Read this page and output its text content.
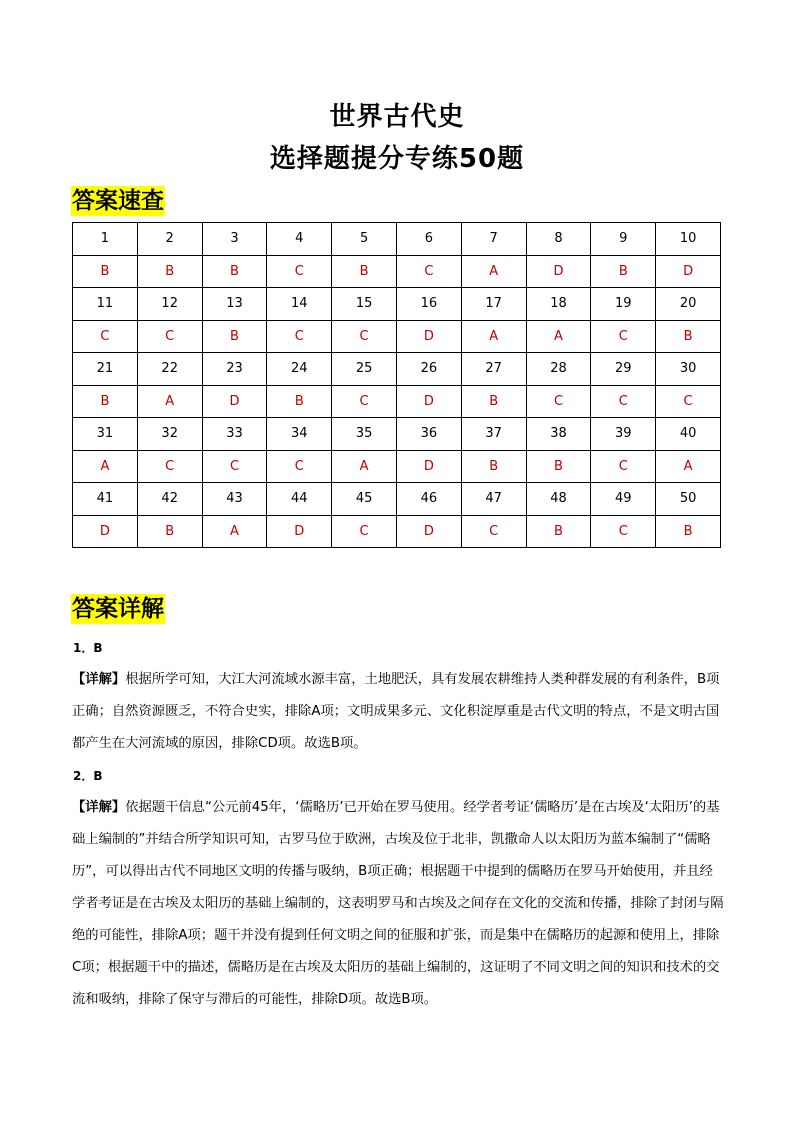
世界古代史
选择题提分专练50题
答案速查
1	2	3	4	5	6	7	8	9	10
B	B	B	C	B	C	A	D	B	D
11	12	13	14	15	16	17	18	19	20
C	C	B	C	C	D	A	A	C	B
21	22	23	24	25	26	27	28	29	30
B	A	D	B	C	D	B	C	C	C
31	32	33	34	35	36	37	38	39	40
A	C	C	C	A	D	B	B	C	A
41	42	43	44	45	46	47	48	49	50
D	B	A	D	C	D	C	B	C	B
答案详解
1．B
【详解】根据所学可知，大江大河流域水源丰富，土地肥沃，具有发展农耕维持人类种群发展的有利条件，B项正确；自然资源匮乏，不符合史实，排除A项；文明成果多元、文化积淀厚重是古代文明的特点，不是文明古国都产生在大河流域的原因，排除CD项。故选B项。
2．B
【详解】依据题干信息“公元前45年，‘儒略历’已开始在罗马使用。经学者考证‘儒略历’是在古埃及‘太阳历’的基础上编制的”并结合所学知识可知，古罗马位于欧洲，古埃及位于北非，凯撒命人以太阳历为蓝本编制了“儒略历”，可以得出古代不同地区文明的传播与吸纳，B项正确；根据题干中提到的儒略历在罗马开始使用，并且经学者考证是在古埃及太阳历的基础上编制的，这表明罗马和古埃及之间存在文化的交流和传播，排除了封闭与隔绝的可能性，排除A项；题干并没有提到任何文明之间的征服和扩张，而是集中在儒略历的起源和使用上，排除C项；根据题干中的描述，儒略历是在古埃及太阳历的基础上编制的，这证明了不同文明之间的知识和技术的交流和吸纳，排除了保守与滞后的可能性，排除D项。故选B项。
